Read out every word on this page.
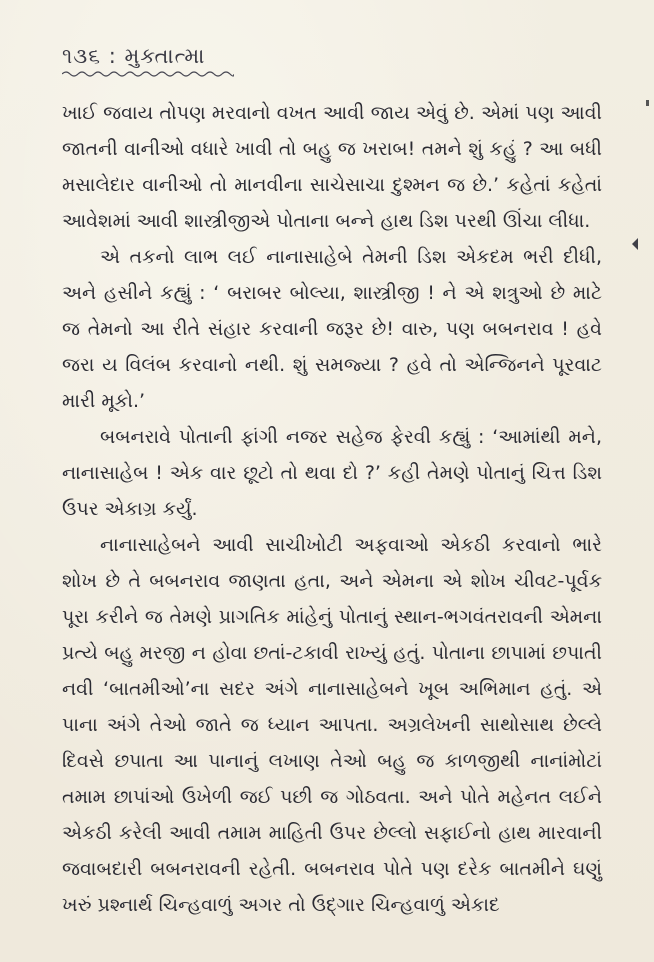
૧૩૬ : મુક્તાત્મા

ખાઈ જવાય તોપણ મરવાનો વખત આવી જાય એવું છે. એમાં પણ આવી જાતની વાનીઓ વધારે ખાવી તો બહુ જ ખરાબ! તમને શું કહું ? આ બધી મસાલેદાર વાનીઓ તો માનવીના સાચેસાચા દુશ્મન જ છે.’ કહેતાં કહેતાં આવેશમાં આવી શાસ્ત્રીજીએ પોતાના બન્ને હાથ ડિશ પરથી ઊંચા લીધા.

એ તકનો લાભ લઈ નાનાસાહેબે તેમની ડિશ એકદમ ભરી દીધી, અને હસીને કહ્યું : ‘ બરાબર બોલ્યા, શાસ્ત્રીજી ! ને એ શત્રુઓ છે માટે જ તેમનો આ રીતે સંહાર કરવાની જરૂર છે! વારુ, પણ બબનરાવ ! હવે જરા ય વિલંબ કરવાનો નથી. શું સમજ્યા ? હવે તો એન્જિનને પૂરવાટ મારી મૂકો.’

બબનરાવે પોતાની ફાંગી નજર સહેજ ફેરવી કહ્યું : ‘આમાંથી મને, નાનાસાહેબ ! એક વાર છૂટો તો થવા દો ?’ કહી તેમણે પોતાનું ચિત્ત ડિશ ઉપર એકાગ્ર કર્યું.

નાનાસાહેબને આવી સાચીખોટી અફવાઓ એકઠી કરવાનો ભારે શોખ છે તે બબનરાવ જાણતા હતા, અને એમના એ શોખ ચીવટ-પૂર્વક પૂરા કરીને જ તેમણે પ્રાગતિક માંહેનું પોતાનું સ્થાન-ભગવંતરાવની એમના પ્રત્યે બહુ મરજી ન હોવા છતાં-ટકાવી રાખ્યું હતું. પોતાના છાપામાં છપાતી નવી ‘બાતમીઓ’ના સદર અંગે નાનાસાહેબને ખૂબ અભિમાન હતું. એ પાના અંગે તેઓ જાતે જ ધ્યાન આપતા. અગ્રલેખની સાથોસાથ છેલ્લે દિવસે છપાતા આ પાનાનું લખાણ તેઓ બહુ જ કાળજીથી નાનાંમોટાં તમામ છાપાંઓ ઉખેળી જઈ પછી જ ગોઠવતા. અને પોતે મહેનત લઈને એકઠી કરેલી આવી તમામ માહિતી ઉપર છેલ્લો સફાઈનો હાથ મારવાની જવાબદારી બબનરાવની રહેતી. બબનરાવ પોતે પણ દરેક બાતમીને ઘણું ખરું પ્રશ્નાર્થ ચિન્હવાળું અગર તો ઉદ્‌ગાર ચિન્હવાળું એકાદ
